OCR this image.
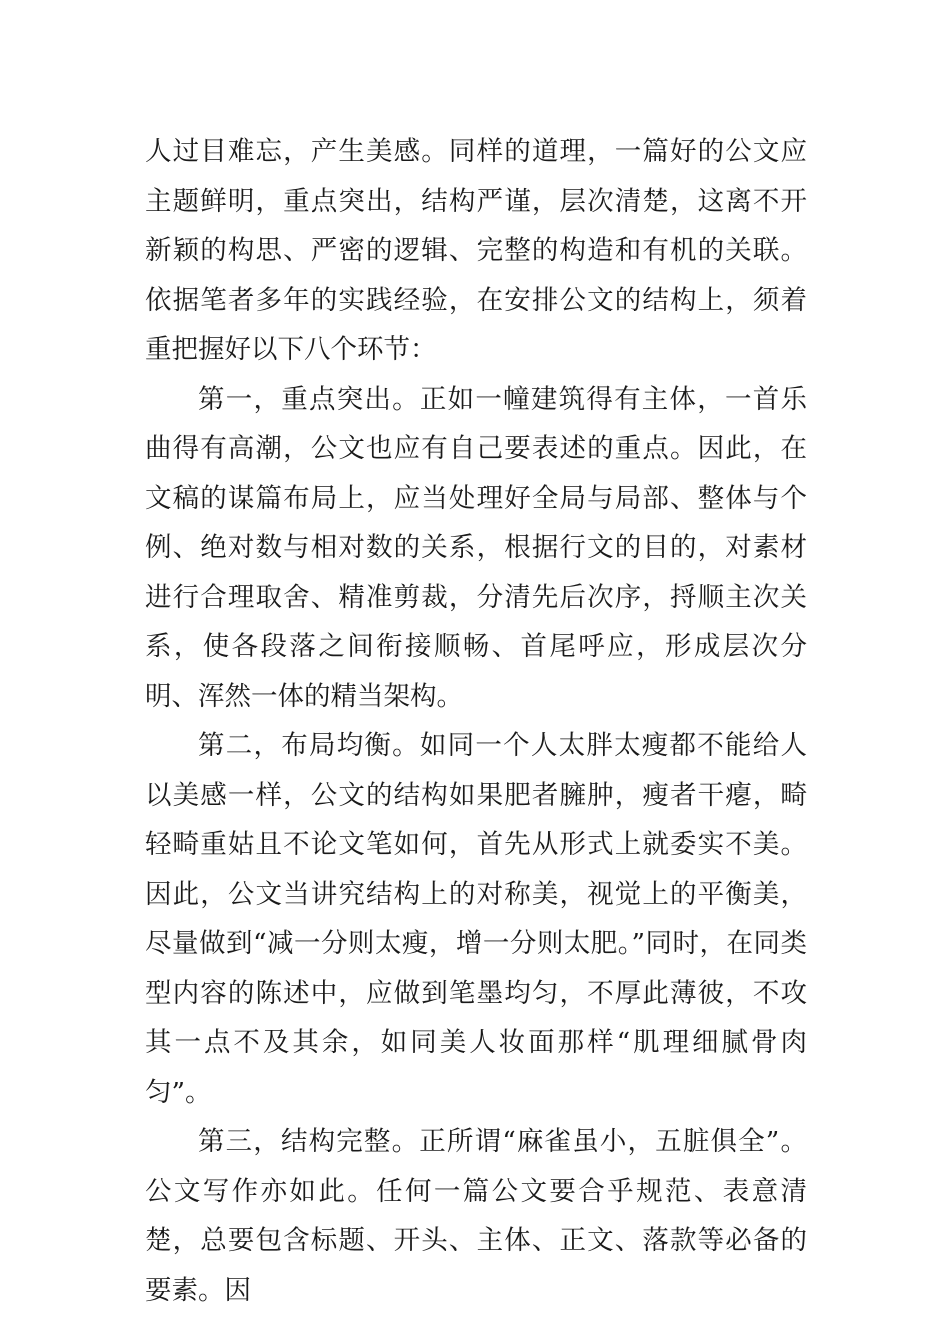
人过目难忘，产生美感。同样的道理，一篇好的公文应主题鲜明，重点突出，结构严谨，层次清楚，这离不开新颖的构思、严密的逻辑、完整的构造和有机的关联。依据笔者多年的实践经验，在安排公文的结构上，须着重把握好以下八个环节：

第一，重点突出。正如一幢建筑得有主体，一首乐曲得有高潮，公文也应有自己要表述的重点。因此，在文稿的谋篇布局上，应当处理好全局与局部、整体与个例、绝对数与相对数的关系，根据行文的目的，对素材进行合理取舍、精准剪裁，分清先后次序，捋顺主次关系，使各段落之间衔接顺畅、首尾呼应，形成层次分明、浑然一体的精当架构。

第二，布局均衡。如同一个人太胖太瘦都不能给人以美感一样，公文的结构如果肥者臃肿，瘦者干瘪，畸轻畸重姑且不论文笔如何，首先从形式上就委实不美。因此，公文当讲究结构上的对称美，视觉上的平衡美，尽量做到“减一分则太瘦，增一分则太肥。”同时，在同类型内容的陈述中，应做到笔墨均匀，不厚此薄彼，不攻其一点不及其余，如同美人妆面那样“肌理细腻骨肉匀”。

第三，结构完整。正所谓“麻雀虽小，五脏俱全”。公文写作亦如此。任何一篇公文要合乎规范、表意清楚，总要包含标题、开头、主体、正文、落款等必备的要素。因
